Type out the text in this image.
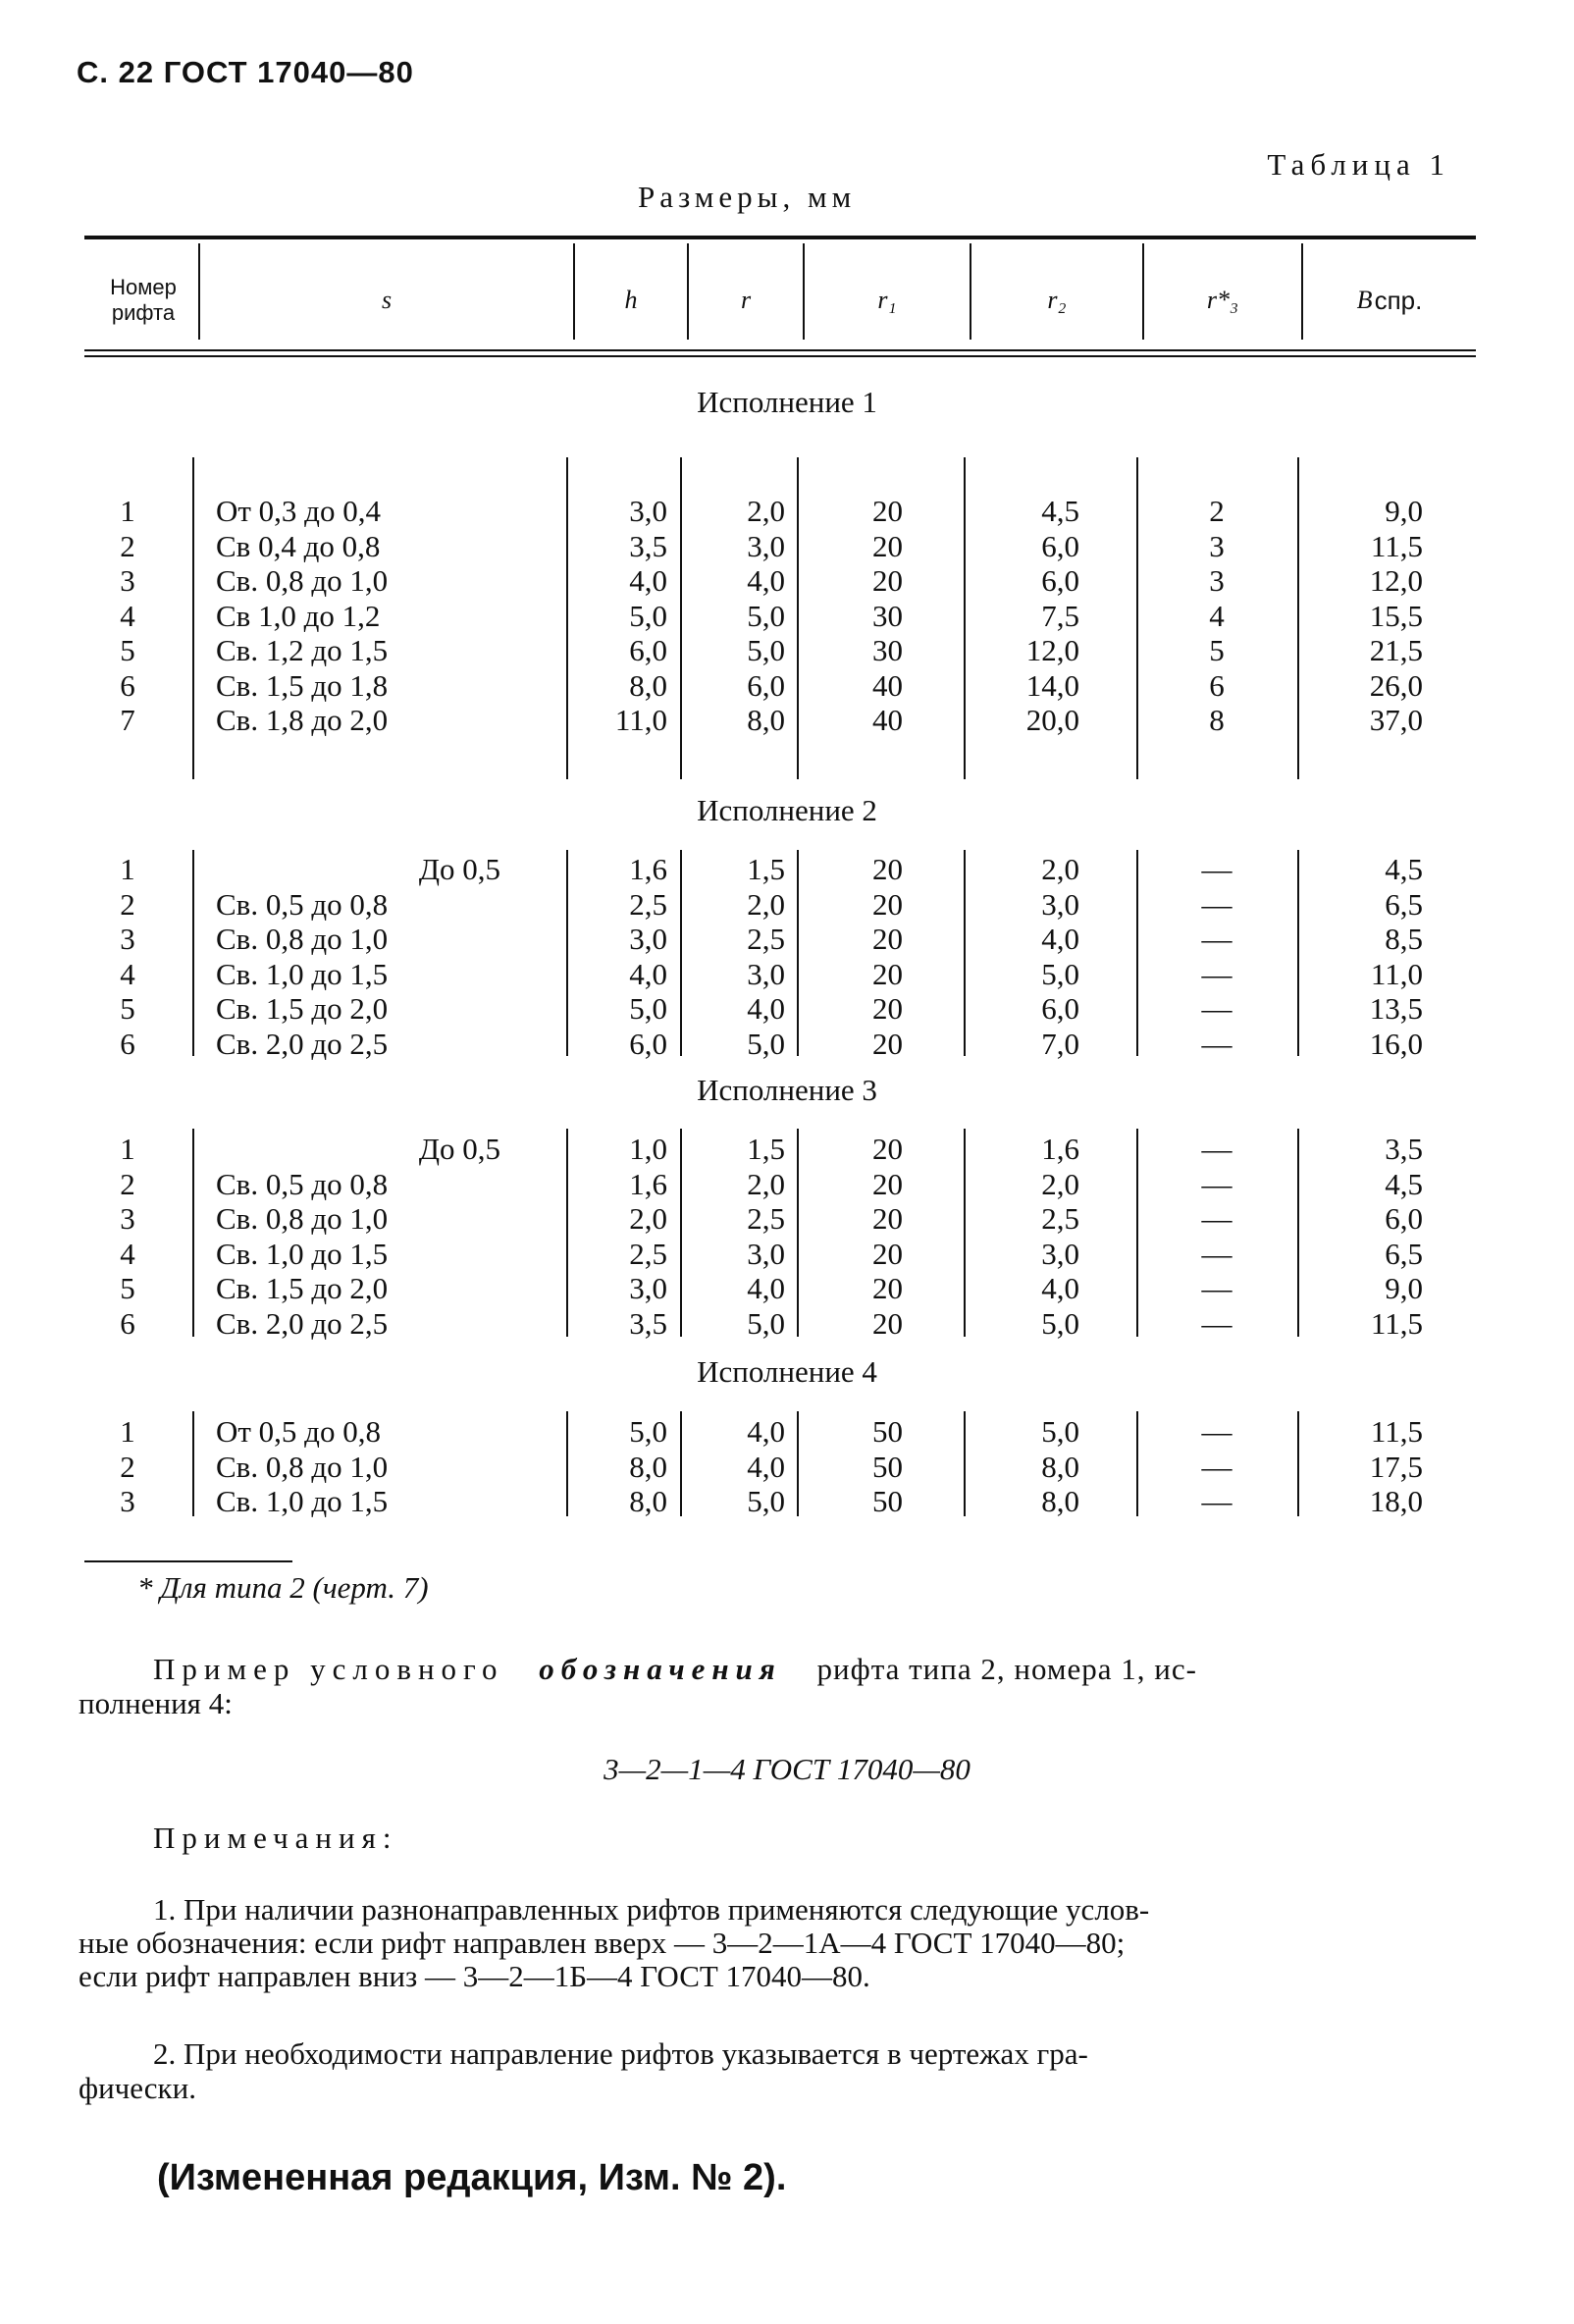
С. 22 ГОСТ 17040—80
Таблица 1
Размеры, мм
Номер рифта	s	h	r	r₁	r₂	r*₃	B спр.
Исполнение 1
1	От 0,3 до 0,4	3,0	2,0	20	4,5	2	9,0
2	Св 0,4 до 0,8	3,5	3,0	20	6,0	3	11,5
3	Св. 0,8 до 1,0	4,0	4,0	20	6,0	3	12,0
4	Св 1,0 до 1,2	5,0	5,0	30	7,5	4	15,5
5	Св. 1,2 до 1,5	6,0	5,0	30	12,0	5	21,5
6	Св. 1,5 до 1,8	8,0	6,0	40	14,0	6	26,0
7	Св. 1,8 до 2,0	11,0	8,0	40	20,0	8	37,0
Исполнение 2
1	До 0,5	1,6	1,5	20	2,0	—	4,5
2	Св. 0,5 до 0,8	2,5	2,0	20	3,0	—	6,5
3	Св. 0,8 до 1,0	3,0	2,5	20	4,0	—	8,5
4	Св. 1,0 до 1,5	4,0	3,0	20	5,0	—	11,0
5	Св. 1,5 до 2,0	5,0	4,0	20	6,0	—	13,5
6	Св. 2,0 до 2,5	6,0	5,0	20	7,0	—	16,0
Исполнение 3
1	До 0,5	1,0	1,5	20	1,6	—	3,5
2	Св. 0,5 до 0,8	1,6	2,0	20	2,0	—	4,5
3	Св. 0,8 до 1,0	2,0	2,5	20	2,5	—	6,0
4	Св. 1,0 до 1,5	2,5	3,0	20	3,0	—	6,5
5	Св. 1,5 до 2,0	3,0	4,0	20	4,0	—	9,0
6	Св. 2,0 до 2,5	3,5	5,0	20	5,0	—	11,5
Исполнение 4
1	От 0,5 до 0,8	5,0	4,0	50	5,0	—	11,5
2	Св. 0,8 до 1,0	8,0	4,0	50	8,0	—	17,5
3	Св. 1,0 до 1,5	8,0	5,0	50	8,0	—	18,0
* Для типа 2 (черт. 7)
Пример условного обозначения рифта типа 2, номера 1, ис-
полнения 4:
3—2—1—4 ГОСТ 17040—80
Примечания:
1. При наличии разнонаправленных рифтов применяются следующие услов-
ные обозначения: если рифт направлен вверх — 3—2—1А—4 ГОСТ 17040—80;
если рифт направлен вниз — 3—2—1Б—4 ГОСТ 17040—80.
2. При необходимости направление рифтов указывается в чертежах гра-
фически.
(Измененная редакция, Изм. № 2).
